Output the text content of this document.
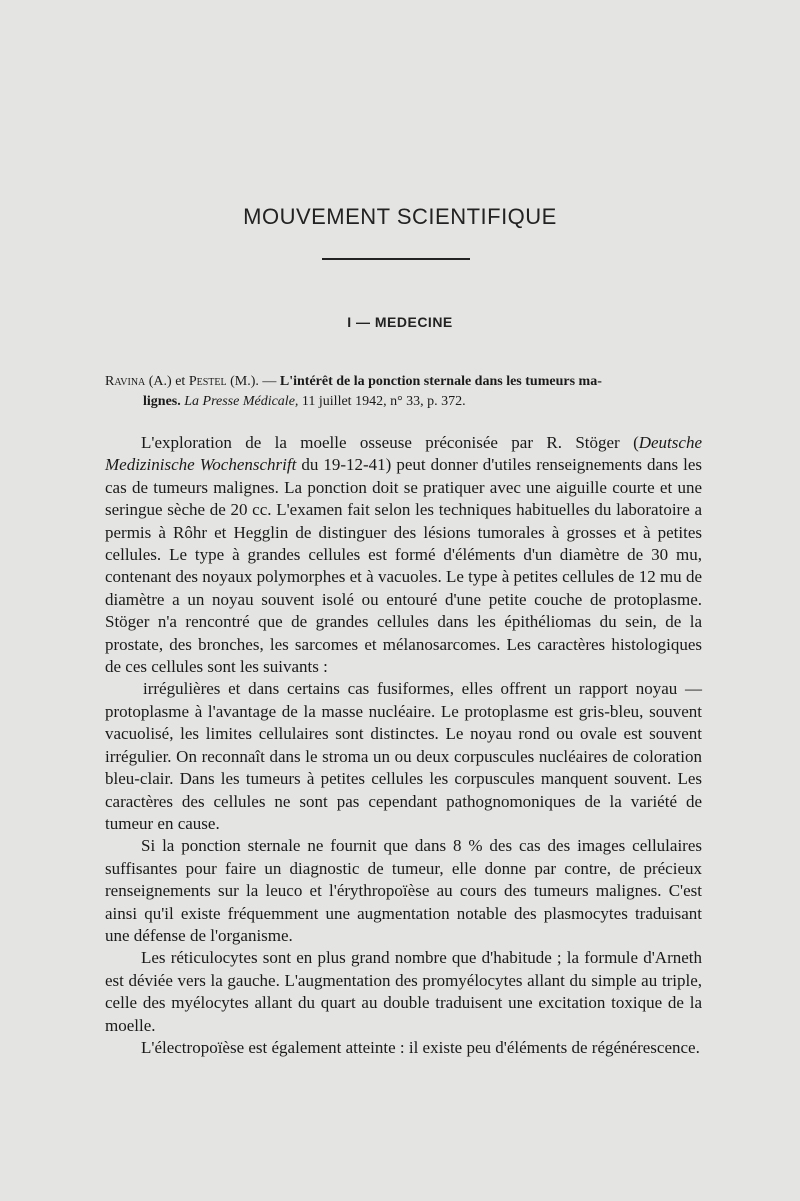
MOUVEMENT SCIENTIFIQUE
I — MEDECINE
Ravina (A.) et Pestel (M.). — L'intérêt de la ponction sternale dans les tumeurs ma-
lignes. La Presse Médicale, 11 juillet 1942, n° 33, p. 372.

L'exploration de la moelle osseuse préconisée par R. Stöger (Deutsche Medizinische Wochenschrift du 19-12-41) peut donner d'utiles renseignements dans les cas de tumeurs malignes. La ponction doit se pratiquer avec une aiguille courte et une seringue sèche de 20 cc. L'examen fait selon les techniques habituelles du laboratoire a permis à Rôhr et Hegglin de distinguer des lésions tumorales à grosses et à petites cellules. Le type à grandes cellules est formé d'éléments d'un diamètre de 30 mu, contenant des noyaux polymorphes et à vacuoles. Le type à petites cellules de 12 mu de diamètre a un noyau souvent isolé ou entouré d'une petite couche de protoplasme. Stöger n'a rencontré que de grandes cellules dans les épithéliomas du sein, de la prostate, des bronches, les sarcomes et mélanosarcomes. Les caractères histologiques de ces cellules sont les suivants :

irrégulières et dans certains cas fusiformes, elles offrent un rapport noyau — protoplasme à l'avantage de la masse nucléaire. Le protoplasme est gris-bleu, souvent vacuolisé, les limites cellulaires sont distinctes. Le noyau rond ou ovale est souvent irrégulier. On reconnaît dans le stroma un ou deux corpuscules nucléaires de coloration bleu-clair. Dans les tumeurs à petites cellules les corpuscules manquent souvent. Les caractères des cellules ne sont pas cependant pathognomoniques de la variété de tumeur en cause.

Si la ponction sternale ne fournit que dans 8 % des cas des images cellulaires suffisantes pour faire un diagnostic de tumeur, elle donne par contre, de précieux renseignements sur la leuco et l'érythropoïèse au cours des tumeurs malignes. C'est ainsi qu'il existe fréquemment une augmentation notable des plasmocytes traduisant une défense de l'organisme.

Les réticulocytes sont en plus grand nombre que d'habitude ; la formule d'Arneth est déviée vers la gauche. L'augmentation des promyélocytes allant du simple au triple, celle des myélocytes allant du quart au double traduisent une excitation toxique de la moelle.

L'électropoïèse est également atteinte : il existe peu d'éléments de régénérescence.
